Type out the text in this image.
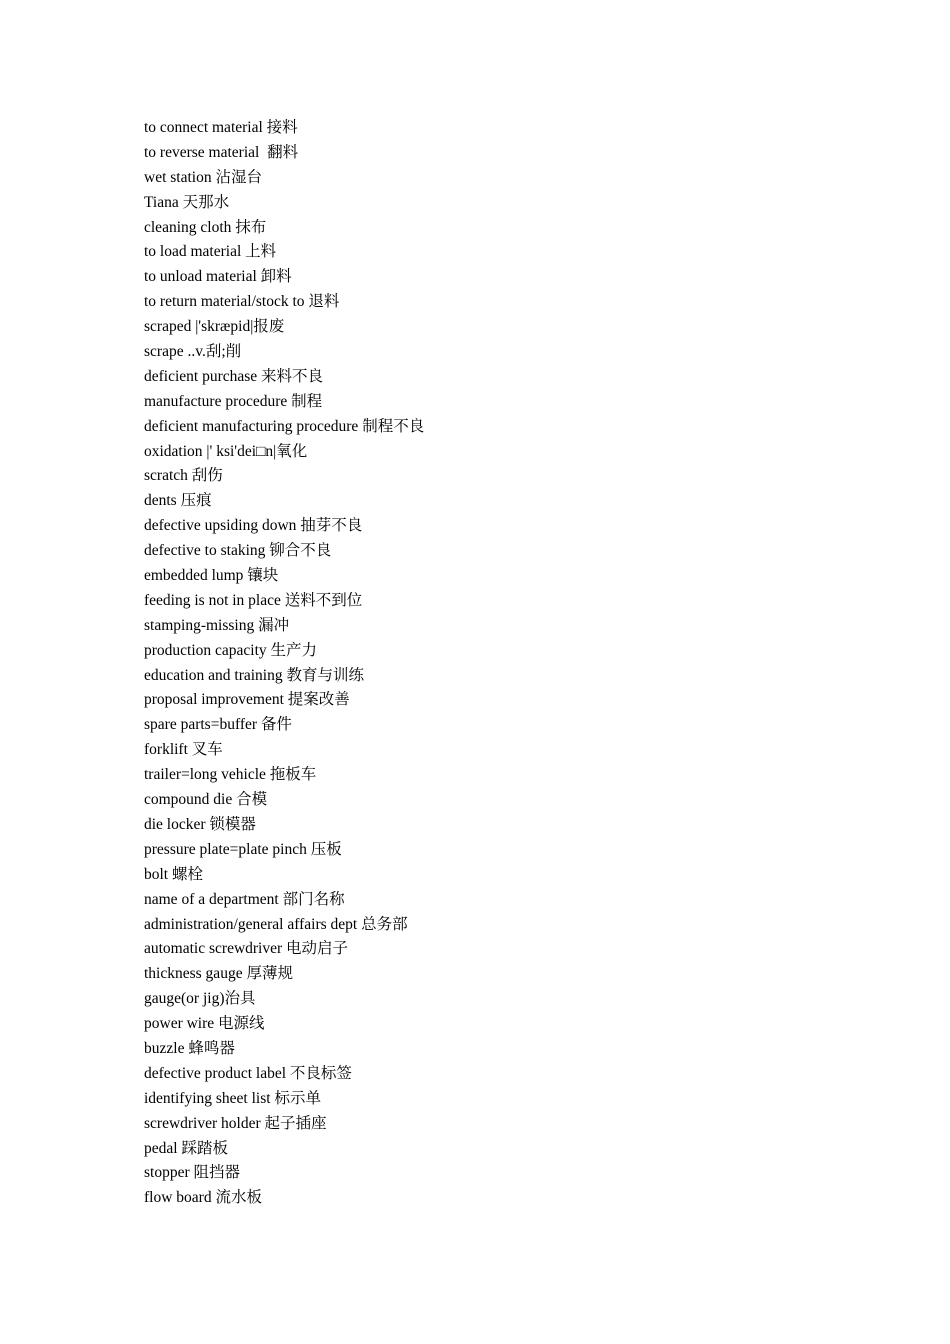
to connect material 接料
to reverse material  翻料
wet station 沾湿台
Tiana 天那水
cleaning cloth 抹布
to load material 上料
to unload material 卸料
to return material/stock to 退料
scraped |'skræpid|报废
scrape ..v.刮;削
deficient purchase 来料不良
manufacture procedure 制程
deficient manufacturing procedure 制程不良
oxidation |' ksi'dei□n|氧化
scratch 刮伤
dents 压痕
defective upsiding down 抽芽不良
defective to staking 铆合不良
embedded lump 镶块
feeding is not in place 送料不到位
stamping-missing 漏冲
production capacity 生产力
education and training 教育与训练
proposal improvement 提案改善
spare parts=buffer 备件
forklift 叉车
trailer=long vehicle 拖板车
compound die 合模
die locker 锁模器
pressure plate=plate pinch 压板
bolt 螺栓
name of a department 部门名称
administration/general affairs dept 总务部
automatic screwdriver 电动启子
thickness gauge 厚薄规
gauge(or jig)治具
power wire 电源线
buzzle 蜂鸣器
defective product label 不良标签
identifying sheet list 标示单
screwdriver holder 起子插座
pedal 踩踏板
stopper 阻挡器
flow board 流水板
